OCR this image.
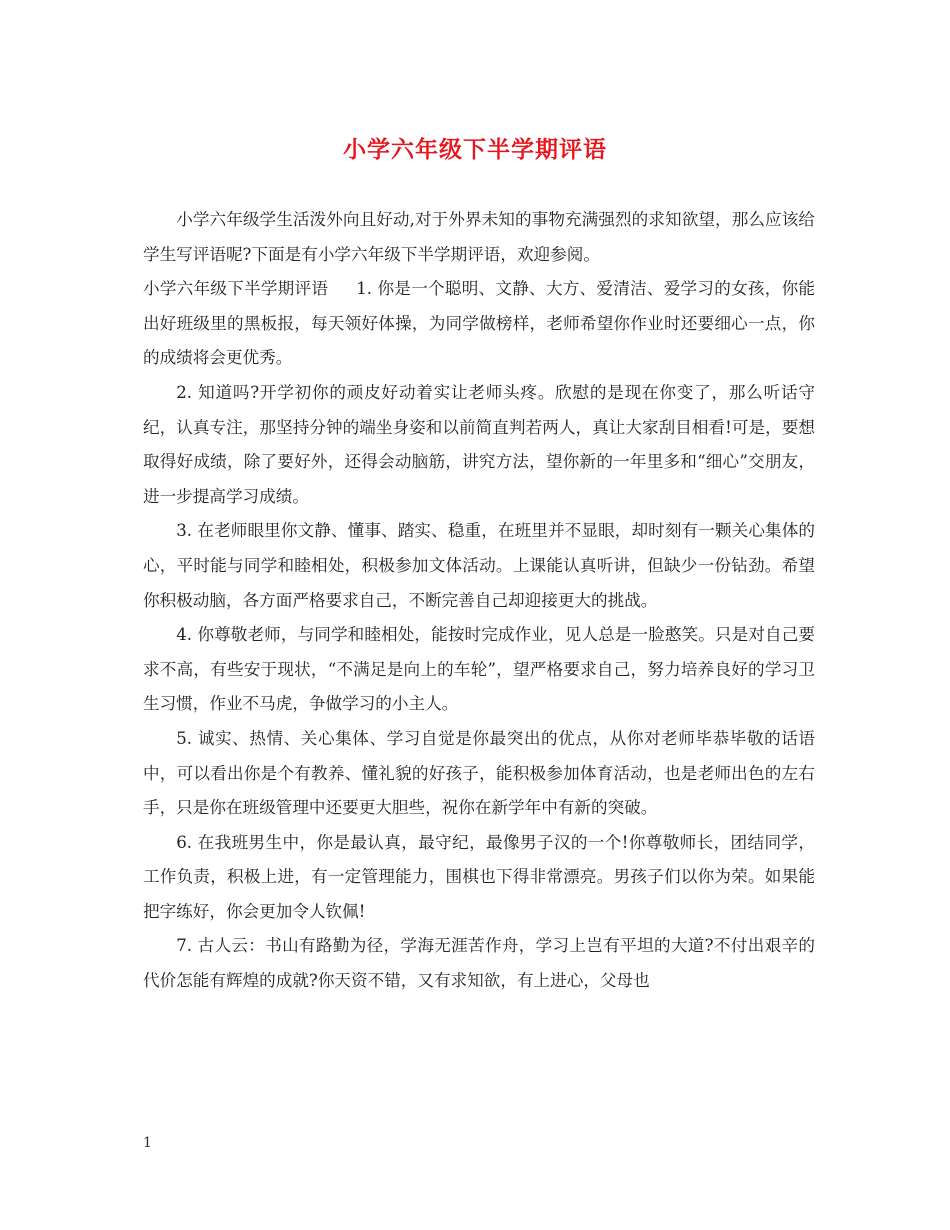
小学六年级下半学期评语

小学六年级学生活泼外向且好动,对于外界未知的事物充满强烈的求知欲望，那么应该给学生写评语呢?下面是有小学六年级下半学期评语，欢迎参阅。

小学六年级下半学期评语 1. 你是一个聪明、文静、大方、爱清洁、爱学习的女孩，你能出好班级里的黑板报，每天领好体操，为同学做榜样，老师希望你作业时还要细心一点，你的成绩将会更优秀。

2. 知道吗?开学初你的顽皮好动着实让老师头疼。欣慰的是现在你变了，那么听话守纪，认真专注，那坚持分钟的端坐身姿和以前简直判若两人，真让大家刮目相看!可是，要想取得好成绩，除了要好外，还得会动脑筋，讲究方法，望你新的一年里多和“细心”交朋友，进一步提高学习成绩。

3. 在老师眼里你文静、懂事、踏实、稳重，在班里并不显眼，却时刻有一颗关心集体的心，平时能与同学和睦相处，积极参加文体活动。上课能认真听讲，但缺少一份钻劲。希望你积极动脑，各方面严格要求自己，不断完善自己却迎接更大的挑战。

4. 你尊敬老师，与同学和睦相处，能按时完成作业，见人总是一脸憨笑。只是对自己要求不高，有些安于现状，“不满足是向上的车轮”，望严格要求自己，努力培养良好的学习卫生习惯，作业不马虎，争做学习的小主人。

5. 诚实、热情、关心集体、学习自觉是你最突出的优点，从你对老师毕恭毕敬的话语中，可以看出你是个有教养、懂礼貌的好孩子，能积极参加体育活动，也是老师出色的左右手，只是你在班级管理中还要更大胆些，祝你在新学年中有新的突破。

6. 在我班男生中，你是最认真，最守纪，最像男子汉的一个!你尊敬师长，团结同学，工作负责，积极上进，有一定管理能力，围棋也下得非常漂亮。男孩子们以你为荣。如果能把字练好，你会更加令人钦佩!

7. 古人云：书山有路勤为径，学海无涯苦作舟，学习上岂有平坦的大道?不付出艰辛的代价怎能有辉煌的成就?你天资不错，又有求知欲，有上进心，父母也

1
